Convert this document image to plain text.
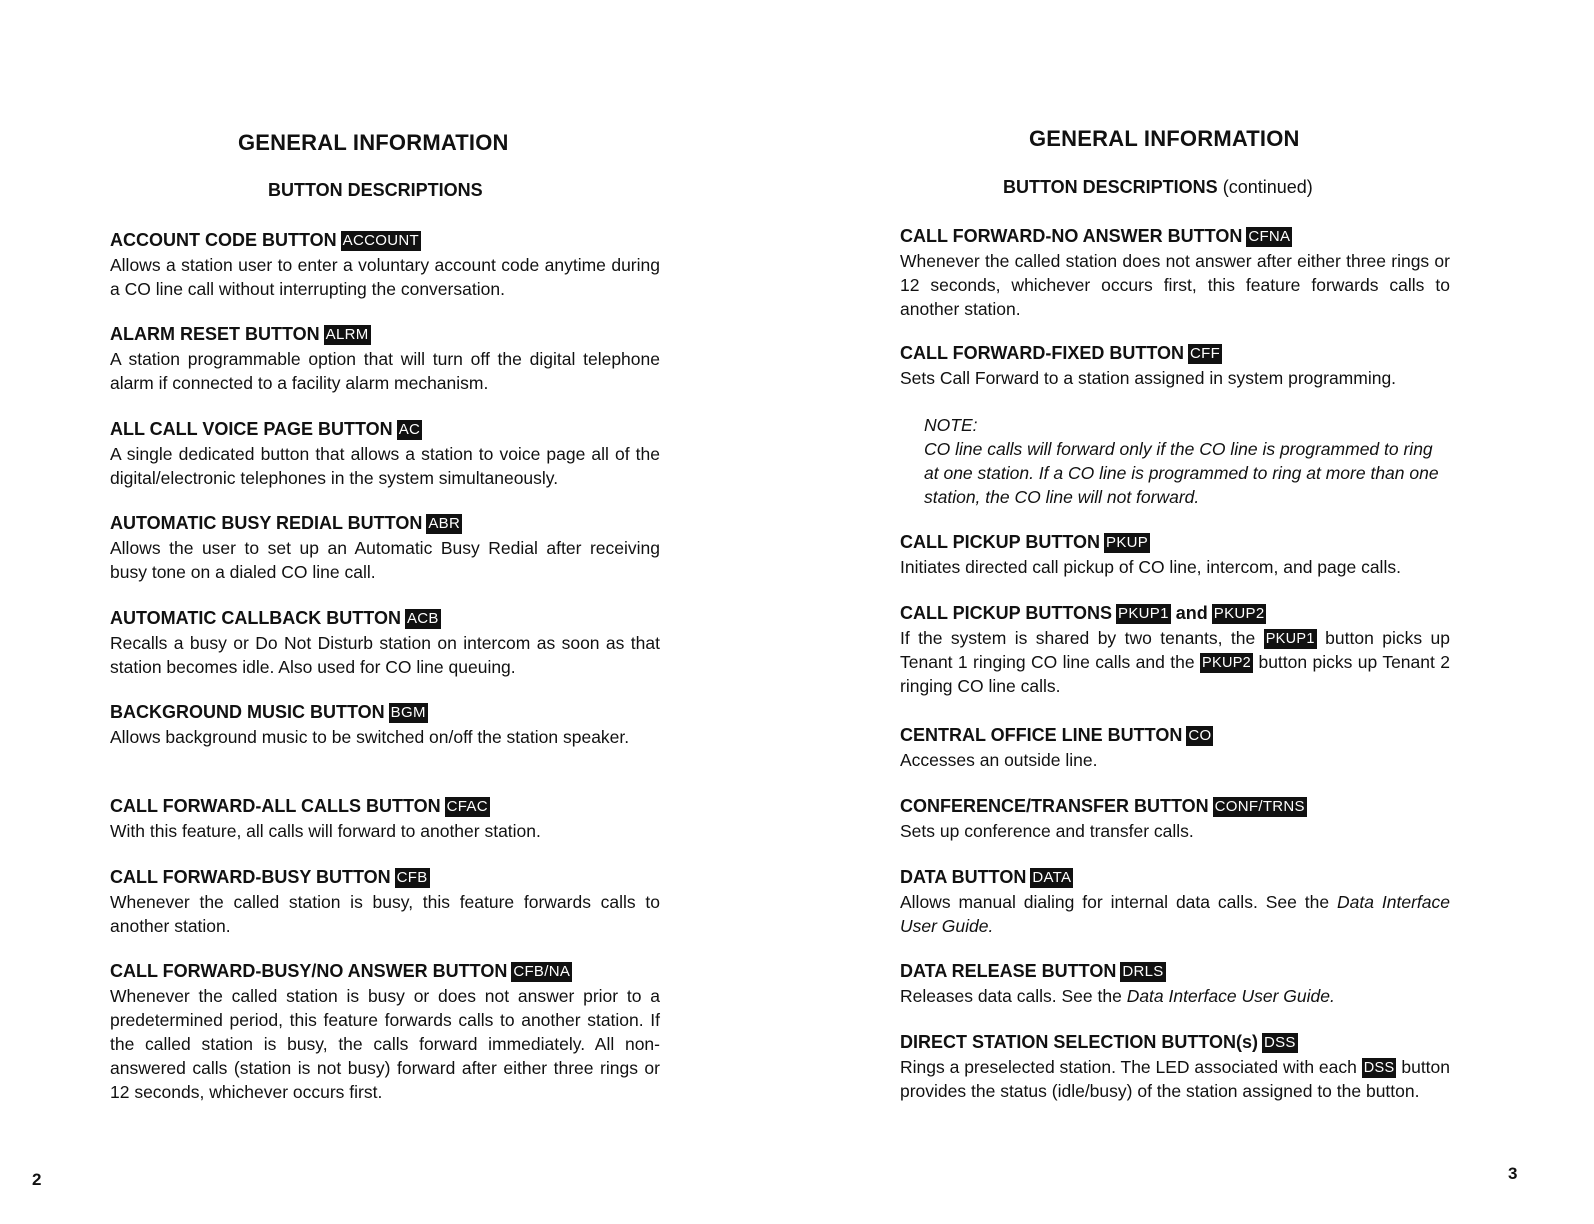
GENERAL INFORMATION
BUTTON DESCRIPTIONS
ACCOUNT CODE BUTTON ACCOUNT
Allows a station user to enter a voluntary account code anytime during a CO line call without interrupting the conversation.
ALARM RESET BUTTON ALRM
A station programmable option that will turn off the digital telephone alarm if connected to a facility alarm mechanism.
ALL CALL VOICE PAGE BUTTON AC
A single dedicated button that allows a station to voice page all of the digital/electronic telephones in the system simultaneously.
AUTOMATIC BUSY REDIAL BUTTON ABR
Allows the user to set up an Automatic Busy Redial after receiving busy tone on a dialed CO line call.
AUTOMATIC CALLBACK BUTTON ACB
Recalls a busy or Do Not Disturb station on intercom as soon as that station becomes idle. Also used for CO line queuing.
BACKGROUND MUSIC BUTTON BGM
Allows background music to be switched on/off the station speaker.
CALL FORWARD-ALL CALLS BUTTON CFAC
With this feature, all calls will forward to another station.
CALL FORWARD-BUSY BUTTON CFB
Whenever the called station is busy, this feature forwards calls to another station.
CALL FORWARD-BUSY/NO ANSWER BUTTON CFB/NA
Whenever the called station is busy or does not answer prior to a predetermined period, this feature forwards calls to another station. If the called station is busy, the calls forward immediately. All non-answered calls (station is not busy) forward after either three rings or 12 seconds, whichever occurs first.
2
GENERAL INFORMATION
BUTTON DESCRIPTIONS (continued)
CALL FORWARD-NO ANSWER BUTTON CFNA
Whenever the called station does not answer after either three rings or 12 seconds, whichever occurs first, this feature forwards calls to another station.
CALL FORWARD-FIXED BUTTON CFF
Sets Call Forward to a station assigned in system programming.
NOTE:
CO line calls will forward only if the CO line is programmed to ring at one station. If a CO line is programmed to ring at more than one station, the CO line will not forward.
CALL PICKUP BUTTON PKUP
Initiates directed call pickup of CO line, intercom, and page calls.
CALL PICKUP BUTTONS PKUP1 and PKUP2
If the system is shared by two tenants, the PKUP1 button picks up Tenant 1 ringing CO line calls and the PKUP2 button picks up Tenant 2 ringing CO line calls.
CENTRAL OFFICE LINE BUTTON CO
Accesses an outside line.
CONFERENCE/TRANSFER BUTTON CONF/TRNS
Sets up conference and transfer calls.
DATA BUTTON DATA
Allows manual dialing for internal data calls. See the Data Interface User Guide.
DATA RELEASE BUTTON DRLS
Releases data calls. See the Data Interface User Guide.
DIRECT STATION SELECTION BUTTON(s) DSS
Rings a preselected station. The LED associated with each DSS button provides the status (idle/busy) of the station assigned to the button.
3
